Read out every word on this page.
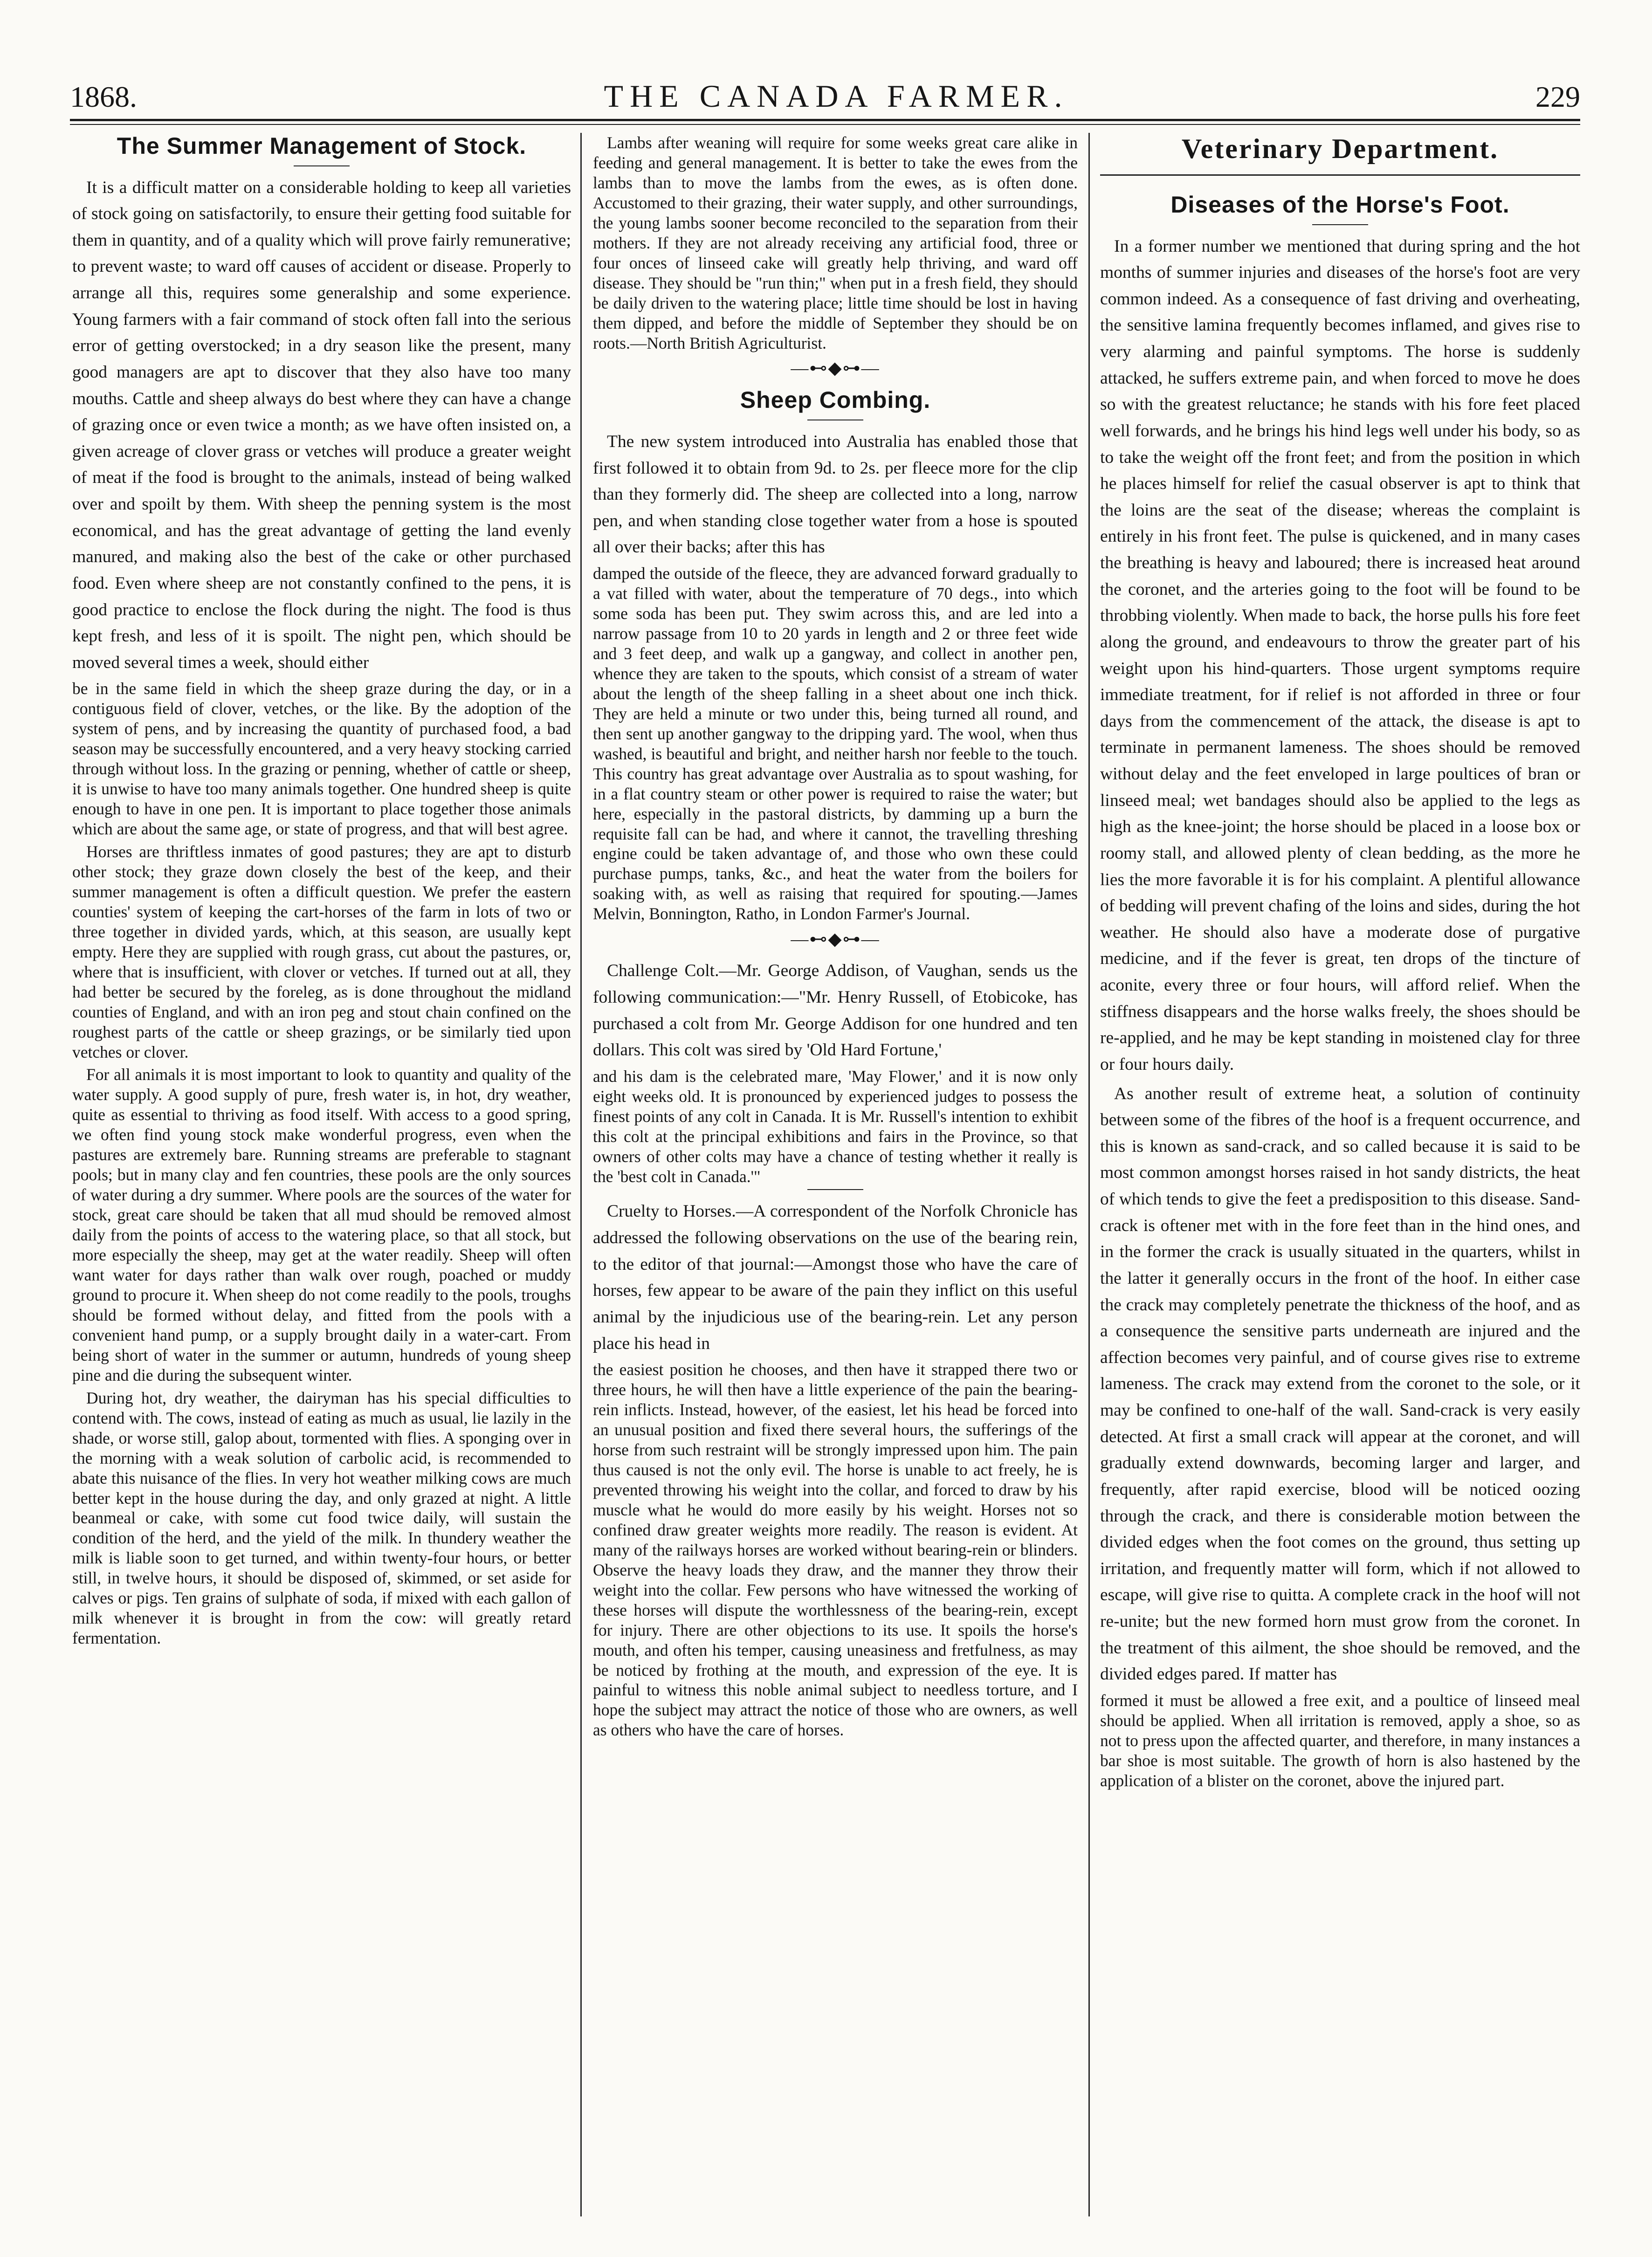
1868.	THE CANADA FARMER.	229
The Summer Management of Stock.

It is a difficult matter on a considerable holding to keep all varieties of stock going on satisfactorily, to ensure their getting food suitable for them in quantity, and of a quality which will prove fairly remunerative; to prevent waste; to ward off causes of accident or disease. Properly to arrange all this, requires some generalship and some experience. Young farmers with a fair command of stock often fall into the serious error of getting overstocked; in a dry season like the present, many good managers are apt to discover that they also have too many mouths. Cattle and sheep always do best where they can have a change of grazing once or even twice a month; as we have often insisted on, a given acreage of clover grass or vetches will produce a greater weight of meat if the food is brought to the animals, instead of being walked over and spoilt by them. With sheep the penning system is the most economical, and has the great advantage of getting the land evenly manured, and making also the best of the cake or other purchased food. Even where sheep are not constantly confined to the pens, it is good practice to enclose the flock during the night. The food is thus kept fresh, and less of it is spoilt. The night pen, which should be moved several times a week, should either

be in the same field in which the sheep graze during the day, or in a contiguous field of clover, vetches, or the like. By the adoption of the system of pens, and by increasing the quantity of purchased food, a bad season may be successfully encountered, and a very heavy stocking carried through without loss. In the grazing or penning, whether of cattle or sheep, it is unwise to have too many animals together. One hundred sheep is quite enough to have in one pen. It is important to place together those animals which are about the same age, or state of progress, and that will best agree.

Horses are thriftless inmates of good pastures; they are apt to disturb other stock; they graze down closely the best of the keep, and their summer management is often a difficult question. We prefer the eastern counties' system of keeping the cart-horses of the farm in lots of two or three together in divided yards, which, at this season, are usually kept empty. Here they are supplied with rough grass, cut about the pastures, or, where that is insufficient, with clover or vetches. If turned out at all, they had better be secured by the foreleg, as is done throughout the midland counties of England, and with an iron peg and stout chain confined on the roughest parts of the cattle or sheep grazings, or be similarly tied upon vetches or clover.

For all animals it is most important to look to quantity and quality of the water supply. A good supply of pure, fresh water is, in hot, dry weather, quite as essential to thriving as food itself. With access to a good spring, we often find young stock make wonderful progress, even when the pastures are extremely bare. Running streams are preferable to stagnant pools; but in many clay and fen countries, these pools are the only sources of water during a dry summer. Where pools are the sources of the water for stock, great care should be taken that all mud should be removed almost daily from the points of access to the watering place, so that all stock, but more especially the sheep, may get at the water readily. Sheep will often want water for days rather than walk over rough, poached or muddy ground to procure it. When sheep do not come readily to the pools, troughs should be formed without delay, and fitted from the pools with a convenient hand pump, or a supply brought daily in a water-cart. From being short of water in the summer or autumn, hundreds of young sheep pine and die during the subsequent winter.

During hot, dry weather, the dairyman has his special difficulties to contend with. The cows, instead of eating as much as usual, lie lazily in the shade, or worse still, galop about, tormented with flies. A sponging over in the morning with a weak solution of carbolic acid, is recommended to abate this nuisance of the flies. In very hot weather milking cows are much better kept in the house during the day, and only grazed at night. A little beanmeal or cake, with some cut food twice daily, will sustain the condition of the herd, and the yield of the milk. In thundery weather the milk is liable soon to get turned, and within twenty-four hours, or better still, in twelve hours, it should be disposed of, skimmed, or set aside for calves or pigs. Ten grains of sulphate of soda, if mixed with each gallon of milk whenever it is brought in from the cow: will greatly retard fermentation.

Lambs after weaning will require for some weeks great care alike in feeding and general management. It is better to take the ewes from the lambs than to move the lambs from the ewes, as is often done. Accustomed to their grazing, their water supply, and other surroundings, the young lambs sooner become reconciled to the separation from their mothers. If they are not already receiving any artificial food, three or four onces of linseed cake will greatly help thriving, and ward off disease. They should be "run thin;" when put in a fresh field, they should be daily driven to the watering place; little time should be lost in having them dipped, and before the middle of September they should be on roots.—North British Agriculturist.

—⊷◆⊶—
Sheep Combing.

The new system introduced into Australia has enabled those that first followed it to obtain from 9d. to 2s. per fleece more for the clip than they formerly did. The sheep are collected into a long, narrow pen, and when standing close together water from a hose is spouted all over their backs; after this has

damped the outside of the fleece, they are advanced forward gradually to a vat filled with water, about the temperature of 70 degs., into which some soda has been put. They swim across this, and are led into a narrow passage from 10 to 20 yards in length and 2 or three feet wide and 3 feet deep, and walk up a gangway, and collect in another pen, whence they are taken to the spouts, which consist of a stream of water about the length of the sheep falling in a sheet about one inch thick. They are held a minute or two under this, being turned all round, and then sent up another gangway to the dripping yard. The wool, when thus washed, is beautiful and bright, and neither harsh nor feeble to the touch. This country has great advantage over Australia as to spout washing, for in a flat country steam or other power is required to raise the water; but here, especially in the pastoral districts, by damming up a burn the requisite fall can be had, and where it cannot, the travelling threshing engine could be taken advantage of, and those who own these could purchase pumps, tanks, &c., and heat the water from the boilers for soaking with, as well as raising that required for spouting.—James Melvin, Bonnington, Ratho, in London Farmer's Journal.

—⊷◆⊶—

Challenge Colt.—Mr. George Addison, of Vaughan, sends us the following communication:—"Mr. Henry Russell, of Etobicoke, has purchased a colt from Mr. George Addison for one hundred and ten dollars. This colt was sired by 'Old Hard Fortune,'

and his dam is the celebrated mare, 'May Flower,' and it is now only eight weeks old. It is pronounced by experienced judges to possess the finest points of any colt in Canada. It is Mr. Russell's intention to exhibit this colt at the principal exhibitions and fairs in the Province, so that owners of other colts may have a chance of testing whether it really is the 'best colt in Canada.'"

Cruelty to Horses.—A correspondent of the Norfolk Chronicle has addressed the following observations on the use of the bearing rein, to the editor of that journal:—Amongst those who have the care of horses, few appear to be aware of the pain they inflict on this useful animal by the injudicious use of the bearing-rein. Let any person place his head in

the easiest position he chooses, and then have it strapped there two or three hours, he will then have a little experience of the pain the bearing-rein inflicts. Instead, however, of the easiest, let his head be forced into an unusual position and fixed there several hours, the sufferings of the horse from such restraint will be strongly impressed upon him. The pain thus caused is not the only evil. The horse is unable to act freely, he is prevented throwing his weight into the collar, and forced to draw by his muscle what he would do more easily by his weight. Horses not so confined draw greater weights more readily. The reason is evident. At many of the railways horses are worked without bearing-rein or blinders. Observe the heavy loads they draw, and the manner they throw their weight into the collar. Few persons who have witnessed the working of these horses will dispute the worthlessness of the bearing-rein, except for injury. There are other objections to its use. It spoils the horse's mouth, and often his temper, causing uneasiness and fretfulness, as may be noticed by frothing at the mouth, and expression of the eye. It is painful to witness this noble animal subject to needless torture, and I hope the subject may attract the notice of those who are owners, as well as others who have the care of horses.

Veterinary Department.
Diseases of the Horse's Foot.

In a former number we mentioned that during spring and the hot months of summer injuries and diseases of the horse's foot are very common indeed. As a consequence of fast driving and overheating, the sensitive lamina frequently becomes inflamed, and gives rise to very alarming and painful symptoms. The horse is suddenly attacked, he suffers extreme pain, and when forced to move he does so with the greatest reluctance; he stands with his fore feet placed well forwards, and he brings his hind legs well under his body, so as to take the weight off the front feet; and from the position in which he places himself for relief the casual observer is apt to think that the loins are the seat of the disease; whereas the complaint is entirely in his front feet. The pulse is quickened, and in many cases the breathing is heavy and laboured; there is increased heat around the coronet, and the arteries going to the foot will be found to be throbbing violently. When made to back, the horse pulls his fore feet along the ground, and endeavours to throw the greater part of his weight upon his hind-quarters. Those urgent symptoms require immediate treatment, for if relief is not afforded in three or four days from the commencement of the attack, the disease is apt to terminate in permanent lameness. The shoes should be removed without delay and the feet enveloped in large poultices of bran or linseed meal; wet bandages should also be applied to the legs as high as the knee-joint; the horse should be placed in a loose box or roomy stall, and allowed plenty of clean bedding, as the more he lies the more favorable it is for his complaint. A plentiful allowance of bedding will prevent chafing of the loins and sides, during the hot weather. He should also have a moderate dose of purgative medicine, and if the fever is great, ten drops of the tincture of aconite, every three or four hours, will afford relief. When the stiffness disappears and the horse walks freely, the shoes should be re-applied, and he may be kept standing in moistened clay for three or four hours daily.

As another result of extreme heat, a solution of continuity between some of the fibres of the hoof is a frequent occurrence, and this is known as sand-crack, and so called because it is said to be most common amongst horses raised in hot sandy districts, the heat of which tends to give the feet a predisposition to this disease. Sand-crack is oftener met with in the fore feet than in the hind ones, and in the former the crack is usually situated in the quarters, whilst in the latter it generally occurs in the front of the hoof. In either case the crack may completely penetrate the thickness of the hoof, and as a consequence the sensitive parts underneath are injured and the affection becomes very painful, and of course gives rise to extreme lameness. The crack may extend from the coronet to the sole, or it may be confined to one-half of the wall. Sand-crack is very easily detected. At first a small crack will appear at the coronet, and will gradually extend downwards, becoming larger and larger, and frequently, after rapid exercise, blood will be noticed oozing through the crack, and there is considerable motion between the divided edges when the foot comes on the ground, thus setting up irritation, and frequently matter will form, which if not allowed to escape, will give rise to quitta. A complete crack in the hoof will not re-unite; but the new formed horn must grow from the coronet. In the treatment of this ailment, the shoe should be removed, and the divided edges pared. If matter has

formed it must be allowed a free exit, and a poultice of linseed meal should be applied. When all irritation is removed, apply a shoe, so as not to press upon the affected quarter, and therefore, in many instances a bar shoe is most suitable. The growth of horn is also hastened by the application of a blister on the coronet, above the injured part.
